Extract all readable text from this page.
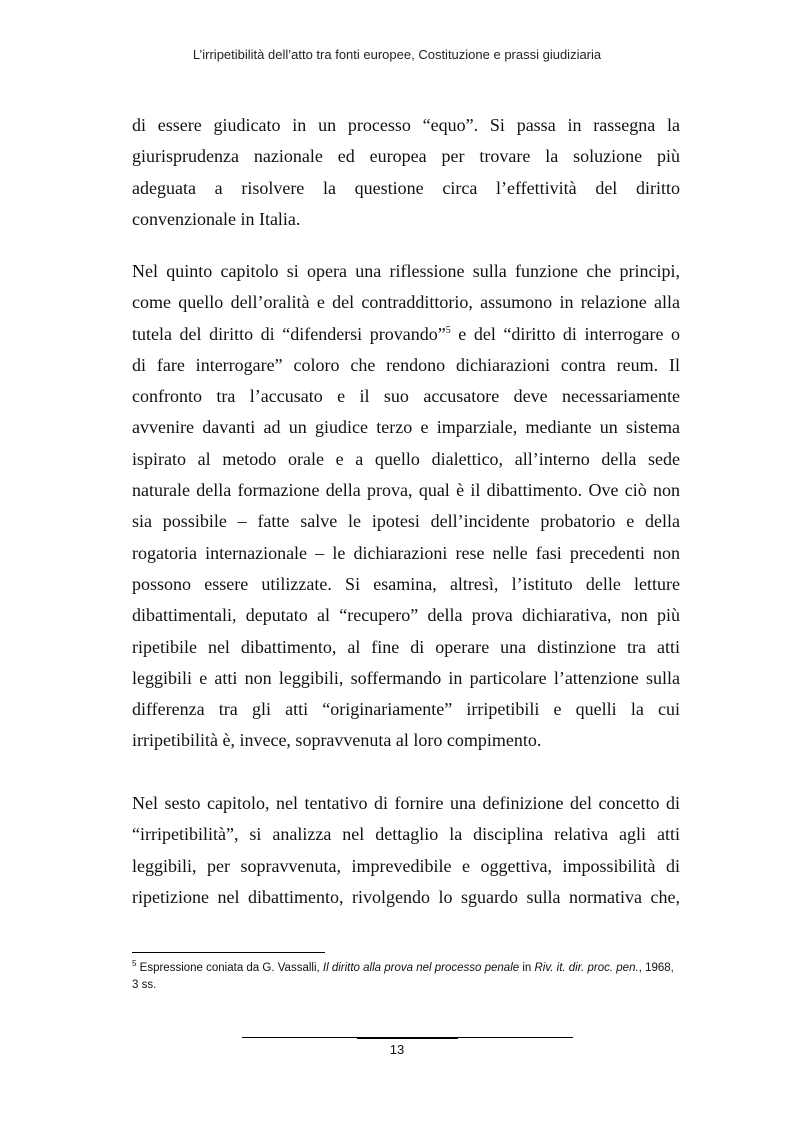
L’irripetibilità dell’atto tra fonti europee, Costituzione e prassi giudiziaria
di essere giudicato in un processo “equo”. Si passa in rassegna la
giurisprudenza nazionale ed europea per trovare la soluzione più
adeguata a risolvere la questione circa l’effettività del diritto
convenzionale in Italia.
Nel quinto capitolo si opera una riflessione sulla funzione che principi,
come quello dell’oralità e del contraddittorio, assumono in relazione alla
tutela del diritto di “difendersi provando”$^5$ e del “diritto di interrogare o
di fare interrogare” coloro che rendono dichiarazioni contra reum. Il
confronto tra l’accusato e il suo accusatore deve necessariamente
avvenire davanti ad un giudice terzo e imparziale, mediante un sistema
ispirato al metodo orale e a quello dialettico, all’interno della sede
naturale della formazione della prova, qual è il dibattimento. Ove ciò non
sia possibile – fatte salve le ipotesi dell’incidente probatorio e della
rogatoria internazionale – le dichiarazioni rese nelle fasi precedenti non
possono essere utilizzate. Si esamina, altresì, l’istituto delle letture
dibattimentali, deputato al “recupero” della prova dichiarativa, non più
ripetibile nel dibattimento, al fine di operare una distinzione tra atti
leggibili e atti non leggibili, soffermando in particolare l’attenzione sulla
differenza tra gli atti “originariamente” irripetibili e quelli la cui
irripetibilità è, invece, sopravvenuta al loro compimento.
Nel sesto capitolo, nel tentativo di fornire una definizione del concetto di
“irripetibilità”, si analizza nel dettaglio la disciplina relativa agli atti
leggibili, per sopravvenuta, imprevedibile e oggettiva, impossibilità di
ripetizione nel dibattimento, rivolgendo lo sguardo sulla normativa che,
$^5$ Espressione coniata da G. Vassalli, Il diritto alla prova nel processo penale in Riv. it. dir. proc. pen., 1968, 3 ss.
13
